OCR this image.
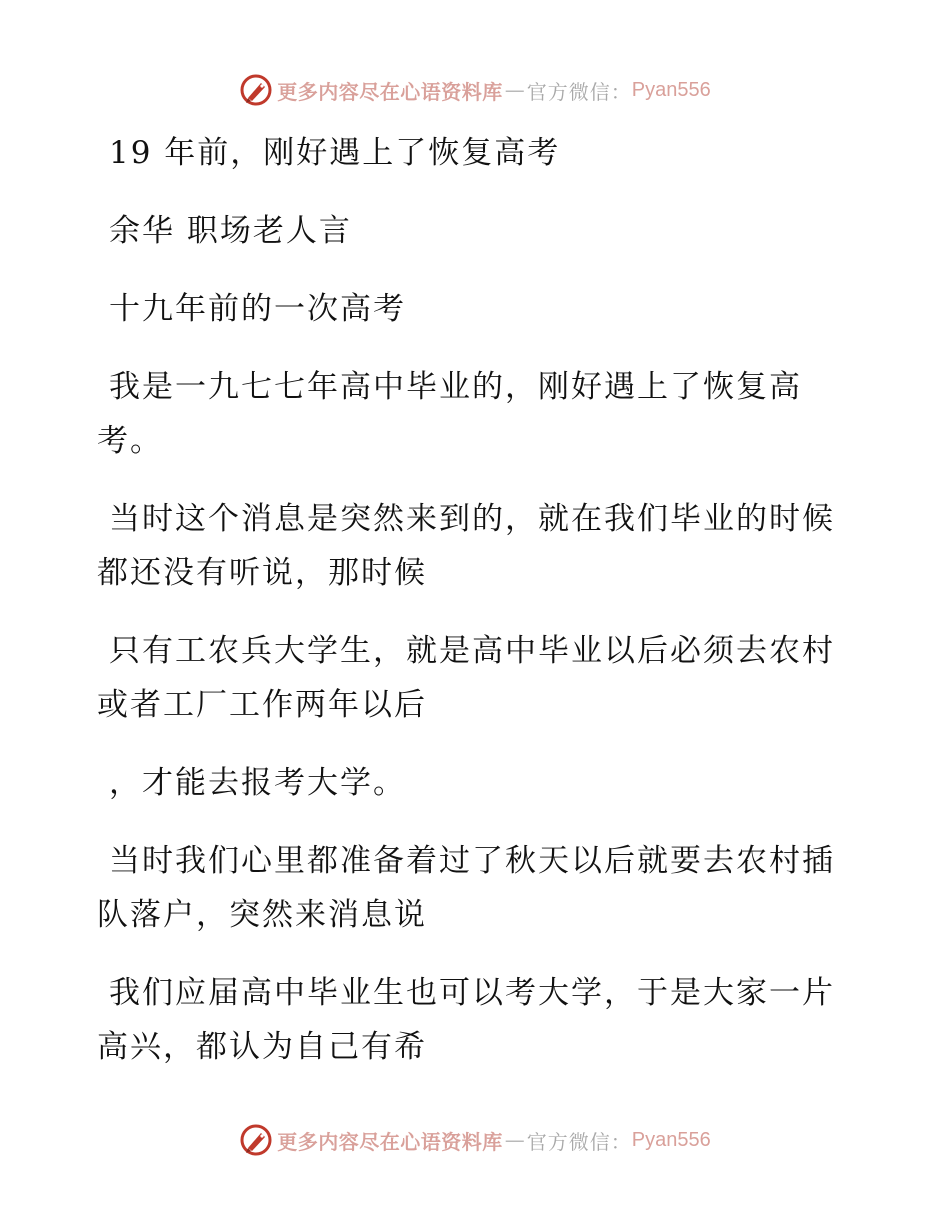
更多内容尽在心语资料库 — 官方微信： Pyan556

19 年前，刚好遇上了恢复高考

余华 职场老人言

十九年前的一次高考

我是一九七七年高中毕业的，刚好遇上了恢复高考。

当时这个消息是突然来到的，就在我们毕业的时候都还没有听说，那时候

只有工农兵大学生，就是高中毕业以后必须去农村或者工厂工作两年以后

，才能去报考大学。

当时我们心里都准备着过了秋天以后就要去农村插队落户，突然来消息说

我们应届高中毕业生也可以考大学，于是大家一片高兴，都认为自己有希

更多内容尽在心语资料库 — 官方微信： Pyan556
